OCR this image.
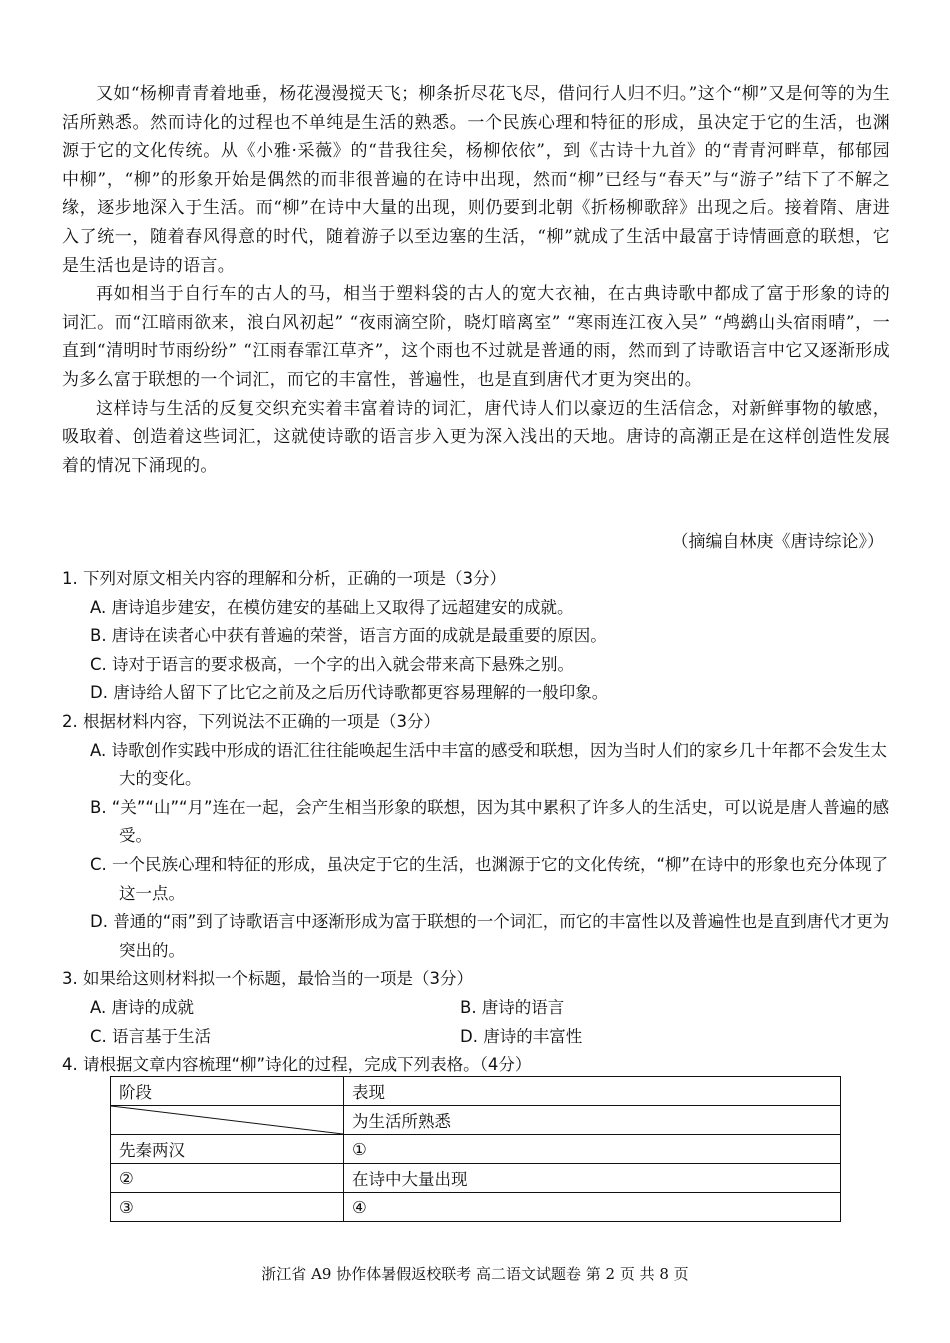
又如“杨柳青青着地垂，杨花漫漫搅天飞；柳条折尽花飞尽，借问行人归不归。”这个“柳”又是何等的为生活所熟悉。然而诗化的过程也不单纯是生活的熟悉。一个民族心理和特征的形成，虽决定于它的生活，也渊源于它的文化传统。从《小雅·采薇》的“昔我往矣，杨柳依依”，到《古诗十九首》的“青青河畔草，郁郁园中柳”，“柳”的形象开始是偶然的而非很普遍的在诗中出现，然而“柳”已经与“春天”与“游子”结下了不解之缘，逐步地深入于生活。而“柳”在诗中大量的出现，则仍要到北朝《折杨柳歌辞》出现之后。接着隋、唐进入了统一，随着春风得意的时代，随着游子以至边塞的生活，“柳”就成了生活中最富于诗情画意的联想，它是生活也是诗的语言。

再如相当于自行车的古人的马，相当于塑料袋的古人的宽大衣袖，在古典诗歌中都成了富于形象的诗的词汇。而“江暗雨欲来，浪白风初起” “夜雨滴空阶，晓灯暗离室” “寒雨连江夜入吴” “鸬鹚山头宿雨晴”，一直到“清明时节雨纷纷” “江雨春霏江草齐”，这个雨也不过就是普通的雨，然而到了诗歌语言中它又逐渐形成为多么富于联想的一个词汇，而它的丰富性，普遍性，也是直到唐代才更为突出的。

这样诗与生活的反复交织充实着丰富着诗的词汇，唐代诗人们以豪迈的生活信念，对新鲜事物的敏感，吸取着、创造着这些词汇，这就使诗歌的语言步入更为深入浅出的天地。唐诗的高潮正是在这样创造性发展着的情况下涌现的。

（摘编自林庚《唐诗综论》）

1. 下列对原文相关内容的理解和分析，正确的一项是（3分）

A. 唐诗追步建安，在模仿建安的基础上又取得了远超建安的成就。

B. 唐诗在读者心中获有普遍的荣誉，语言方面的成就是最重要的原因。

C. 诗对于语言的要求极高，一个字的出入就会带来高下悬殊之别。

D. 唐诗给人留下了比它之前及之后历代诗歌都更容易理解的一般印象。

2. 根据材料内容，下列说法不正确的一项是（3分）

A. 诗歌创作实践中形成的语汇往往能唤起生活中丰富的感受和联想，因为当时人们的家乡几十年都不会发生太大的变化。

B. “关”“山”“月”连在一起，会产生相当形象的联想，因为其中累积了许多人的生活史，可以说是唐人普遍的感受。

C. 一个民族心理和特征的形成，虽决定于它的生活，也渊源于它的文化传统，“柳”在诗中的形象也充分体现了这一点。

D. 普通的“雨”到了诗歌语言中逐渐形成为富于联想的一个词汇，而它的丰富性以及普遍性也是直到唐代才更为突出的。

3. 如果给这则材料拟一个标题，最恰当的一项是（3分）

A. 唐诗的成就	B. 唐诗的语言

C. 语言基于生活	D. 唐诗的丰富性

4. 请根据文章内容梳理“柳”诗化的过程，完成下列表格。（4分）

阶段	表现

	为生活所熟悉
先秦两汉	①
②	在诗中大量出现
③	④
浙江省 A9 协作体暑假返校联考 高二语文试题卷 第 2 页 共 8 页
